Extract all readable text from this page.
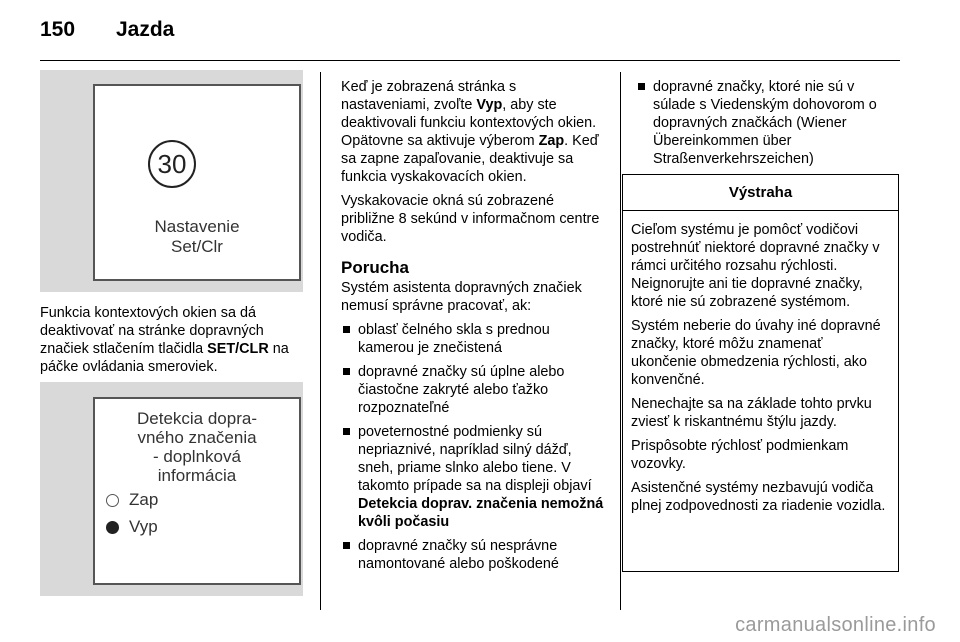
150 Jazda
30
Nastavenie
Set/Clr

Funkcia kontextových okien sa dá deaktivovať na stránke dopravných značiek stlačením tlačidla SET/CLR na páčke ovládania smeroviek.

Detekcia dopra-
vného značenia
- doplnková
informácia
Zap
Vyp

Keď je zobrazená stránka s nastaveniami, zvoľte Vyp, aby ste deaktivovali funkciu kontextových okien. Opätovne sa aktivuje výberom Zap. Keď sa zapne zapaľovanie, deaktivuje sa funkcia vyskakovacích okien.

Vyskakovacie okná sú zobrazené približne 8 sekúnd v informačnom centre vodiča.

Porucha

Systém asistenta dopravných značiek nemusí správne pracovať, ak:

oblasť čelného skla s prednou kamerou je znečistená

dopravné značky sú úplne alebo čiastočne zakryté alebo ťažko rozpoznateľné

poveternostné podmienky sú nepriaznivé, napríklad silný dážď, sneh, priame slnko alebo tiene. V takomto prípade sa na displeji objaví Detekcia doprav. značenia nemožná kvôli počasiu

dopravné značky sú nesprávne namontované alebo poškodené

dopravné značky, ktoré nie sú v súlade s Viedenským dohovorom o dopravných značkách (Wiener Übereinkommen über Straßenverkehrszeichen)

Výstraha

Cieľom systému je pomôcť vodičovi postrehnúť niektoré dopravné značky v rámci určitého rozsahu rýchlosti. Neignorujte ani tie dopravné značky, ktoré nie sú zobrazené systémom.

Systém neberie do úvahy iné dopravné značky, ktoré môžu znamenať ukončenie obmedzenia rýchlosti, ako konvenčné.

Nenechajte sa na základe tohto prvku zviesť k riskantnému štýlu jazdy.

Prispôsobte rýchlosť podmienkam vozovky.

Asistenčné systémy nezbavujú vodiča plnej zodpovednosti za riadenie vozidla.

carmanualsonline.info
